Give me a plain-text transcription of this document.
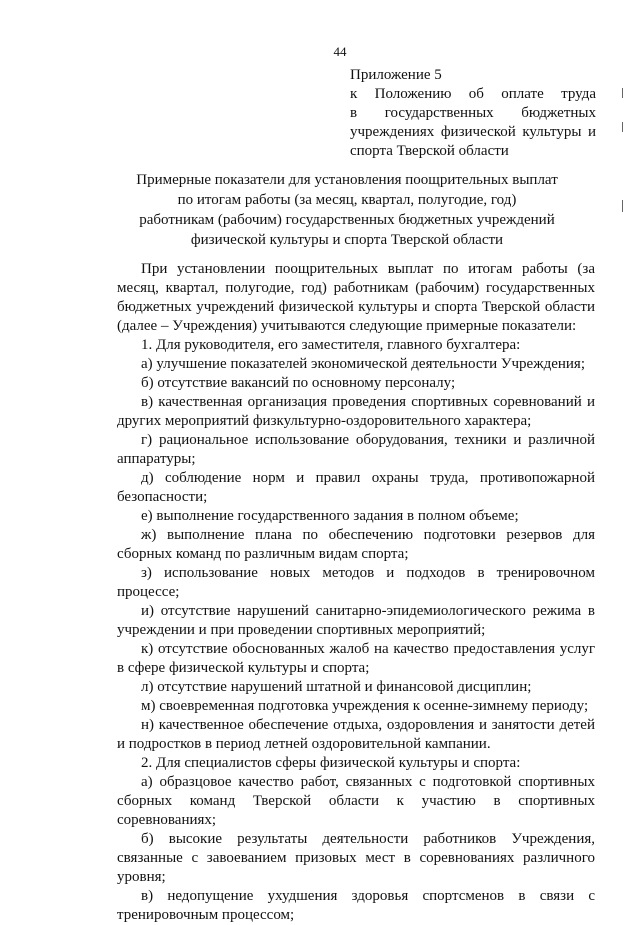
44
Приложение 5
к Положению об оплате труда
в государственных бюджетных
учреждениях физической культуры и
спорта Тверской области
Примерные показатели для установления поощрительных выплат
по итогам работы (за месяц, квартал, полугодие, год)
работникам (рабочим) государственных бюджетных учреждений
физической культуры и спорта Тверской области

При установлении поощрительных выплат по итогам работы (за месяц, квартал, полугодие, год) работникам (рабочим) государственных бюджетных учреждений физической культуры и спорта Тверской области (далее – Учреждения) учитываются следующие примерные показатели:

1. Для руководителя, его заместителя, главного бухгалтера:

а) улучшение показателей экономической деятельности Учреждения;

б) отсутствие вакансий по основному персоналу;

в) качественная организация проведения спортивных соревнований и других мероприятий физкультурно-оздоровительного характера;

г) рациональное использование оборудования, техники и различной аппаратуры;

д) соблюдение норм и правил охраны труда, противопожарной безопасности;

е) выполнение государственного задания в полном объеме;

ж) выполнение плана по обеспечению подготовки резервов для сборных команд по различным видам спорта;

з) использование новых методов и подходов в тренировочном процессе;

и) отсутствие нарушений санитарно-эпидемиологического режима в учреждении и при проведении спортивных мероприятий;

к) отсутствие обоснованных жалоб на качество предоставления услуг в сфере физической культуры и спорта;

л) отсутствие нарушений штатной и финансовой дисциплин;

м) своевременная подготовка учреждения к осенне-зимнему периоду;

н) качественное обеспечение отдыха, оздоровления и занятости детей и подростков в период летней оздоровительной кампании.

2. Для специалистов сферы физической культуры и спорта:

а) образцовое качество работ, связанных с подготовкой спортивных сборных команд Тверской области к участию в спортивных соревнованиях;

б) высокие результаты деятельности работников Учреждения, связанные с завоеванием призовых мест в соревнованиях различного уровня;

в) недопущение ухудшения здоровья спортсменов в связи с тренировочным процессом;
